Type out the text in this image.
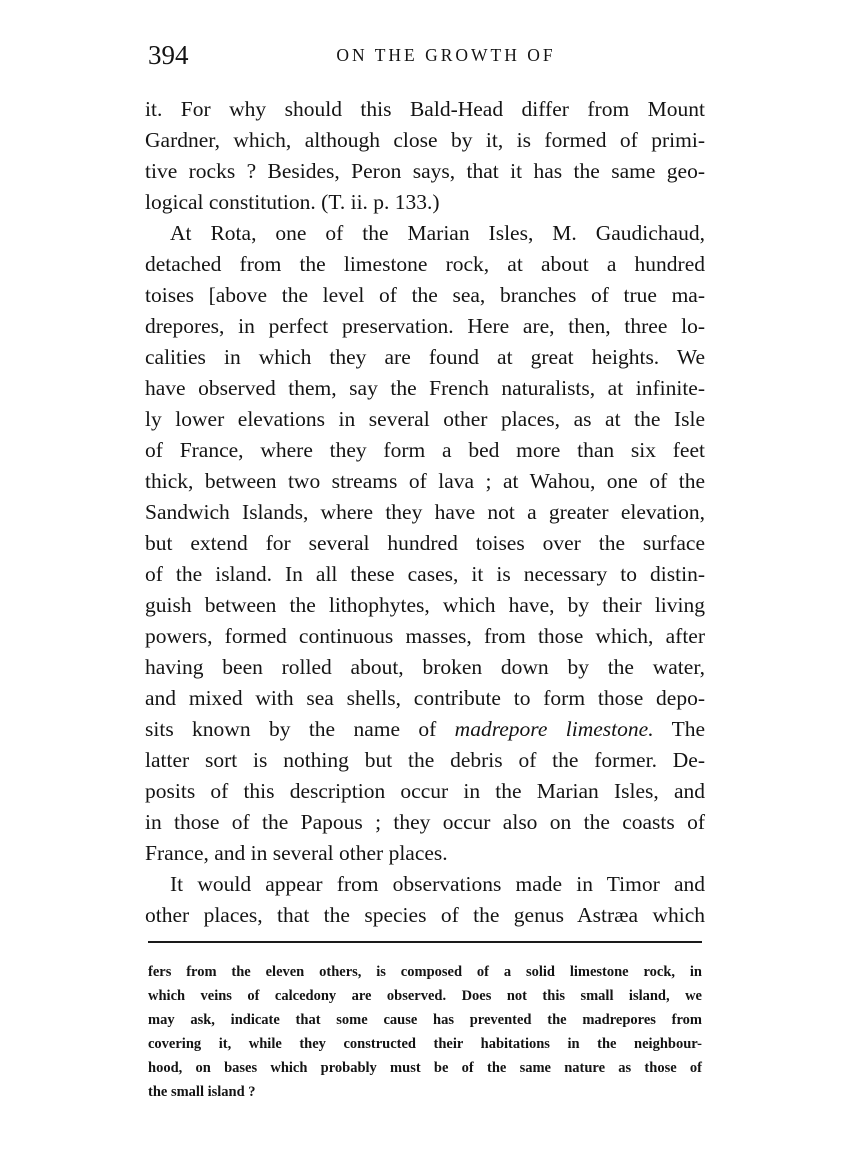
394	ON THE GROWTH OF
it. For why should this Bald-Head differ from Mount
Gardner, which, although close by it, is formed of primi-
tive rocks ? Besides, Peron says, that it has the same geo-
logical constitution. (T. ii. p. 133.)
At Rota, one of the Marian Isles, M. Gaudichaud,
detached from the limestone rock, at about a hundred
toises [above the level of the sea, branches of true ma-
drepores, in perfect preservation. Here are, then, three lo-
calities in which they are found at great heights. We
have observed them, say the French naturalists, at infinite-
ly lower elevations in several other places, as at the Isle
of France, where they form a bed more than six feet
thick, between two streams of lava ; at Wahou, one of the
Sandwich Islands, where they have not a greater elevation,
but extend for several hundred toises over the surface
of the island. In all these cases, it is necessary to distin-
guish between the lithophytes, which have, by their living
powers, formed continuous masses, from those which, after
having been rolled about, broken down by the water,
and mixed with sea shells, contribute to form those depo-
sits known by the name of madrepore limestone. The
latter sort is nothing but the debris of the former. De-
posits of this description occur in the Marian Isles, and
in those of the Papous ; they occur also on the coasts of
France, and in several other places.
It would appear from observations made in Timor and
other places, that the species of the genus Astræa which
fers from the eleven others, is composed of a solid limestone rock, in
which veins of calcedony are observed. Does not this small island, we
may ask, indicate that some cause has prevented the madrepores from
covering it, while they constructed their habitations in the neighbour-
hood, on bases which probably must be of the same nature as those of
the small island ?
